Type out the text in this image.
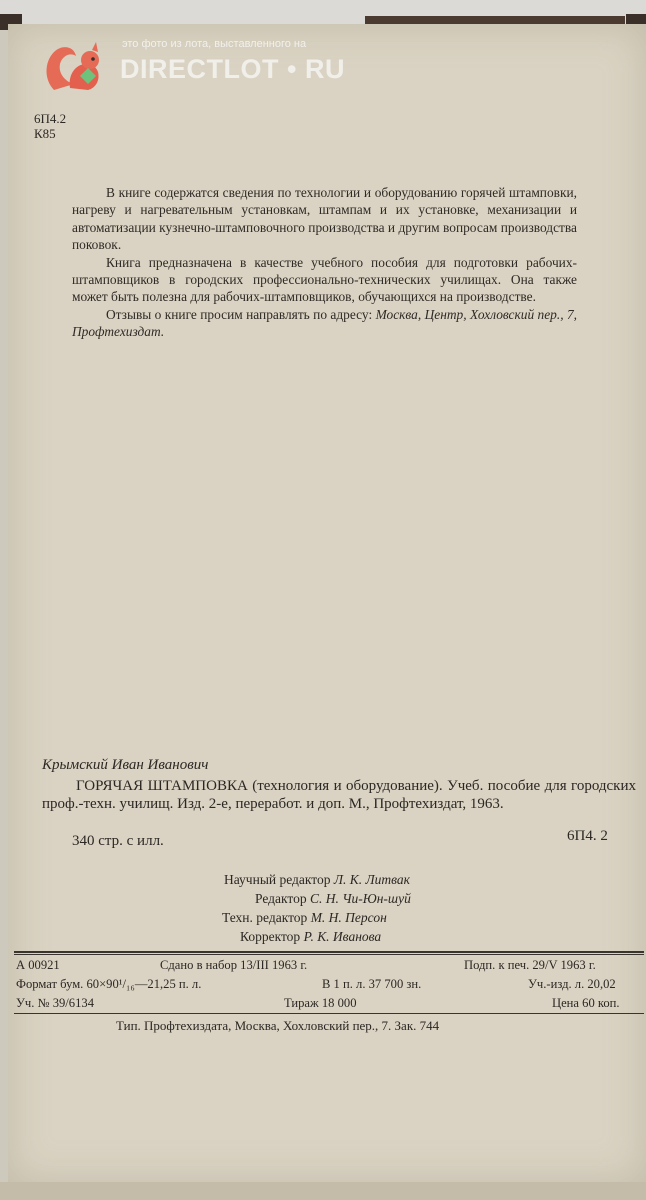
это фото из лота, выставленного на
DIRECTLOT • RU
6П4.2
К85

В книге содержатся сведения по технологии и оборудованию горячей штамповки, нагреву и нагревательным установкам, штампам и их установке, механизации и автоматизации кузнечно-штамповочного производства и другим вопросам производства поковок.

Книга предназначена в качестве учебного пособия для подготовки рабочих-штамповщиков в городских профессионально-технических училищах. Она также может быть полезна для рабочих-штамповщиков, обучающихся на производстве.

Отзывы о книге просим направлять по адресу: Москва, Центр, Хохловский пер., 7, Профтехиздат.

Крымский Иван Иванович

ГОРЯЧАЯ ШТАМПОВКА (технология и оборудование). Учеб. пособие для городских проф.-техн. училищ. Изд. 2-е, переработ. и доп. М., Профтехиздат, 1963.

340 стр. с илл.	6П4. 2
Научный редактор Л. К. Литвак
Редактор С. Н. Чи-Юн-шуй
Техн. редактор М. Н. Персон
Корректор Р. К. Иванова
А 00921	Сдано в набор 13/III 1963 г.	Подп. к печ. 29/V 1963 г.
Формат бум. 60×90¹/₁₆—21,25 п. л.	В 1 п. л. 37 700 зн.	Уч.-изд. л. 20,02
Уч. № 39/6134	Тираж 18 000	Цена 60 коп.
Тип. Профтехиздата, Москва, Хохловский пер., 7. Зак. 744
